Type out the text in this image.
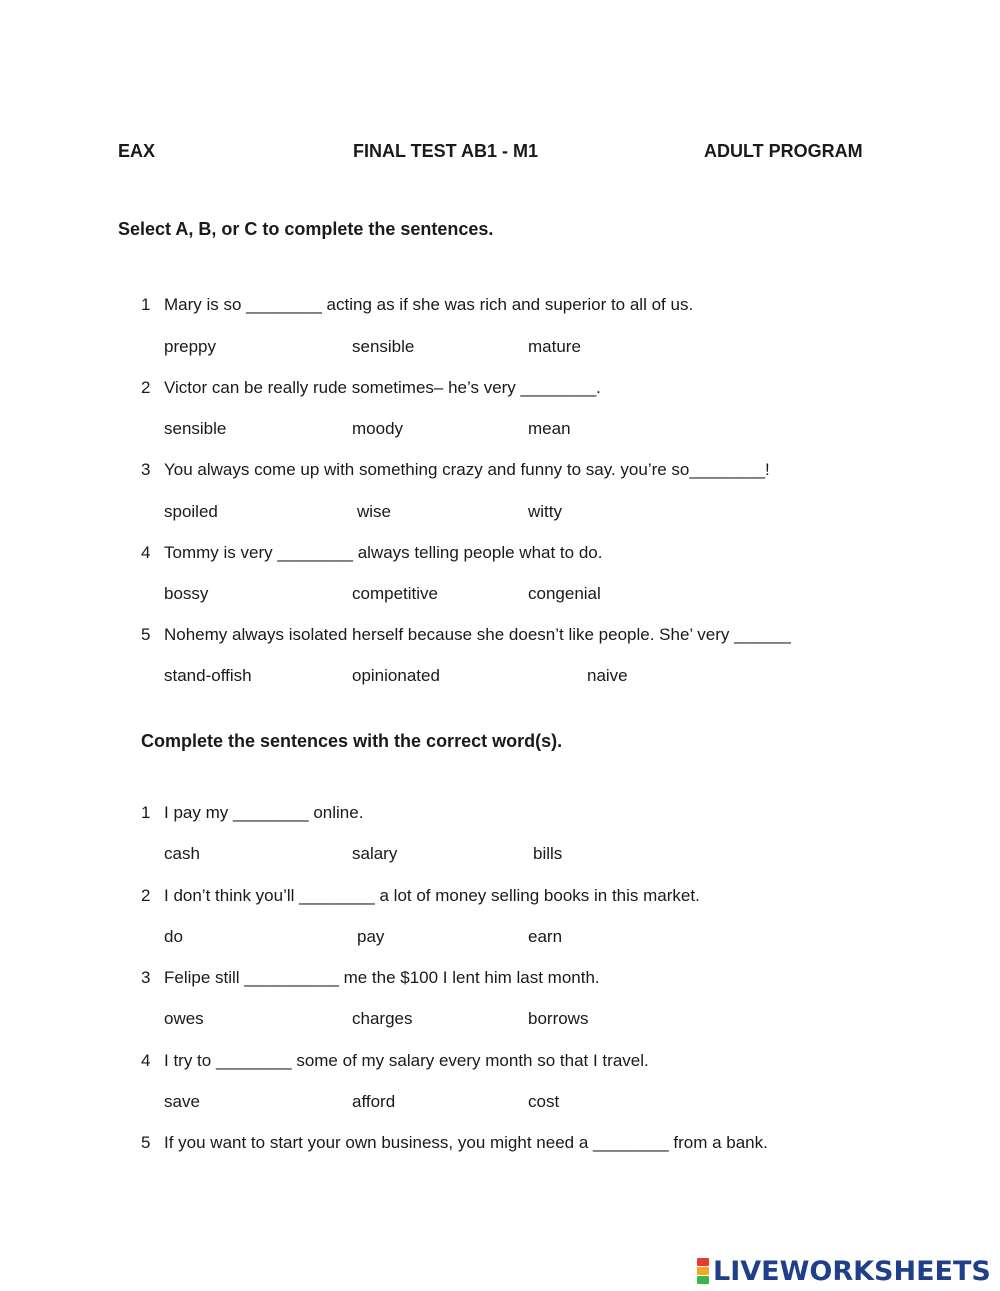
EAX	FINAL TEST AB1 - M1	ADULT PROGRAM
Select A, B, or C to complete the sentences.
1 Mary is so ________ acting as if she was rich and superior to all of us.
preppy	sensible	mature
2 Victor can be really rude sometimes– he’s very ________.
sensible	moody	mean
3 You always come up with something crazy and funny to say. you’re so________!
spoiled	wise	witty
4 Tommy is very ________ always telling people what to do.
bossy	competitive	congenial
5 Nohemy always isolated herself because she doesn’t like people. She’ very ______
stand-offish	opinionated	naive
Complete the sentences with the correct word(s).
1 I pay my ________ online.
cash	salary	bills
2 I don’t think you’ll ________ a lot of money selling books in this market.
do	pay	earn
3 Felipe still __________ me the $100 I lent him last month.
owes	charges	borrows
4 I try to ________ some of my salary every month so that I travel.
save	afford	cost
5 If you want to start your own business, you might need a ________ from a bank.
LIVEWORKSHEETS
